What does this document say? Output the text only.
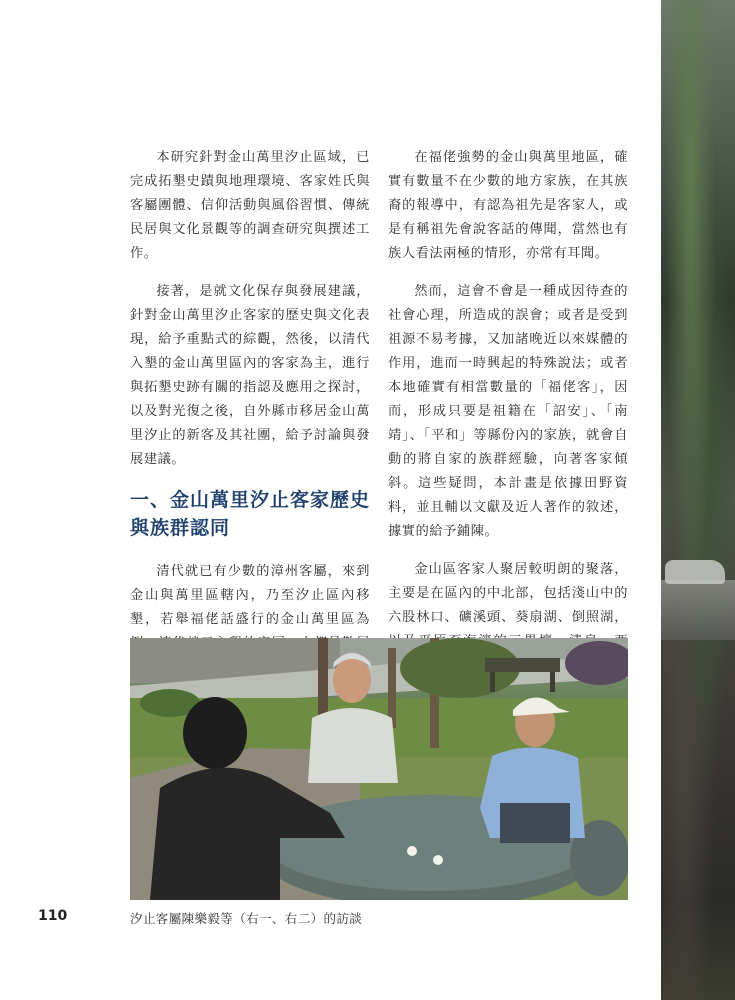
本研究針對金山萬里汐止區域，已完成拓墾史蹟與地理環境、客家姓氏與客屬團體、信仰活動與風俗習慣、傳統民居與文化景觀等的調查研究與撰述工作。

接著，是就文化保存與發展建議，針對金山萬里汐止客家的歷史與文化表現，給予重點式的綜觀，然後，以清代入墾的金山萬里區內的客家為主，進行與拓墾史跡有關的指認及應用之探討，以及對光復之後，自外縣市移居金山萬里汐止的新客及其社團，給予討論與發展建議。

一、金山萬里汐止客家歷史與族群認同

清代就已有少數的漳州客屬，來到金山與萬里區轄內，乃至汐止區內移墾，若舉福佬話盛行的金山萬里區為

在福佬強勢的金山與萬里地區，確實有數量不在少數的地方家族，在其族裔的報導中，有認為祖先是客家人，或是有稱祖先會說客話的傳聞，當然也有族人看法兩極的情形，亦常有耳聞。

然而，這會不會是一種成因待查的社會心理，所造成的誤會；或者是受到祖源不易考據，又加諸晚近以來媒體的作用，進而一時興起的特殊說法；或者本地確實有相當數量的「福佬客」，因而，形成只要是祖籍在「詔安」、「南靖」、「平和」等縣份內的家族，就會自動的將自家的族群經驗，向著客家傾斜。這些疑問，本計畫是依據田野資料，並且輔以文獻及近人著作的敘述，據實的給予鋪陳。

金山區客家人聚居較明朗的聚落，主要是在區內的中北部，包括淺山中的六股林口、礦溪頭、葵扇湖、倒照湖，

110	汐止客屬陳樂毅等（右一、右二）的訪談
